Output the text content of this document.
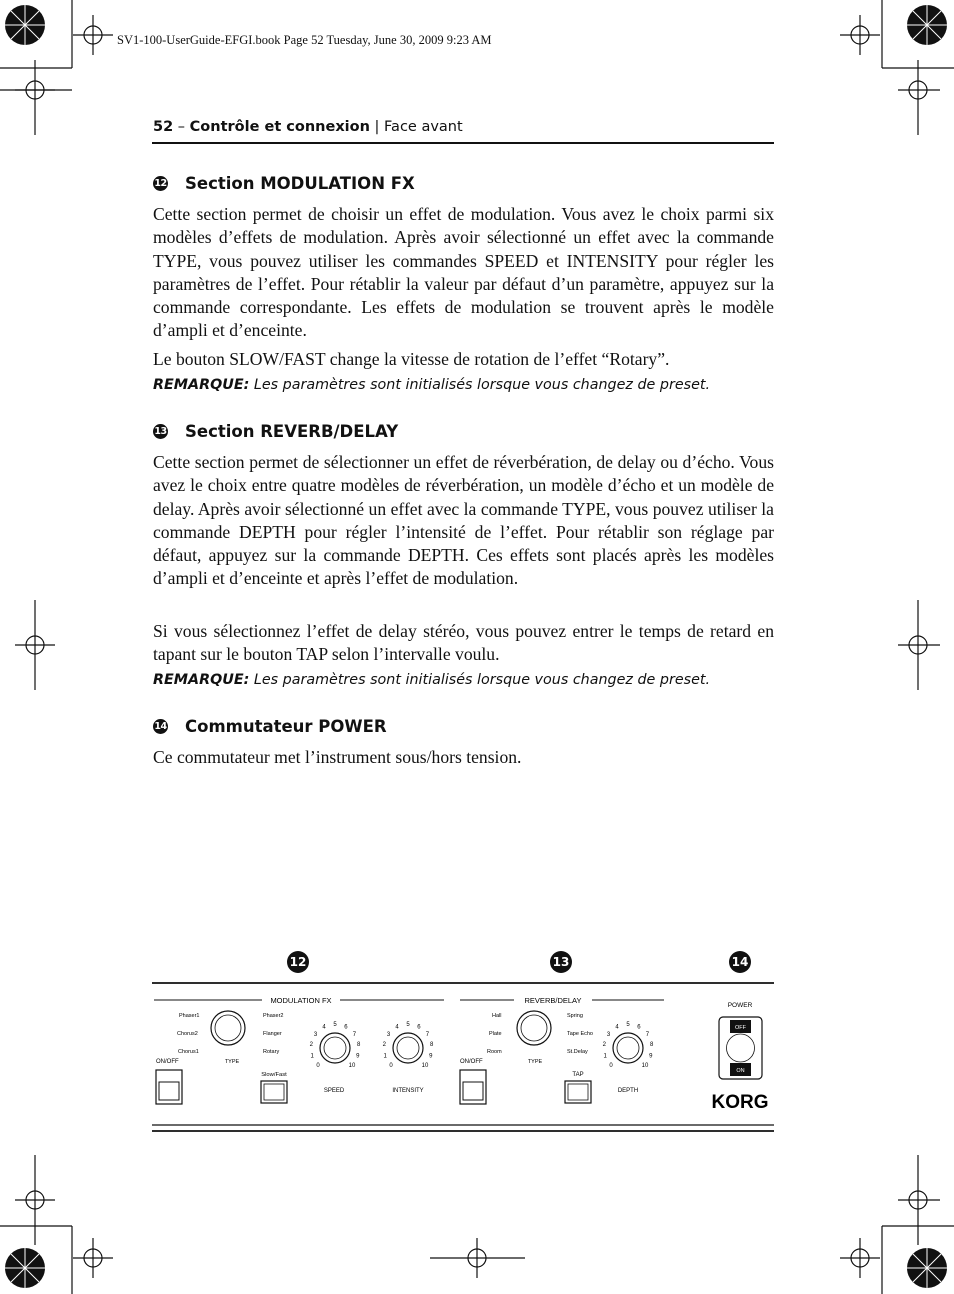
SV1-100-UserGuide-EFGI.book Page 52 Tuesday, June 30, 2009 9:23 AM
52 – Contrôle et connexion | Face avant
12 Section MODULATION FX
Cette section permet de choisir un effet de modulation. Vous avez le choix parmi six modèles d’effets de modulation. Après avoir sélectionné un effet avec la commande TYPE, vous pouvez utiliser les commandes SPEED et INTENSITY pour régler les paramètres de l’effet. Pour rétablir la valeur par défaut d’un paramètre, appuyez sur la commande correspondante. Les effets de modulation se trouvent après le modèle d’ampli et d’enceinte.
Le bouton SLOW/FAST change la vitesse de rotation de l’effet “Rotary”.
REMARQUE: Les paramètres sont initialisés lorsque vous changez de preset.
13 Section REVERB/DELAY
Cette section permet de sélectionner un effet de réverbération, de delay ou d’écho. Vous avez le choix entre quatre modèles de réverbération, un modèle d’écho et un modèle de delay. Après avoir sélectionné un effet avec la commande TYPE, vous pouvez utiliser la commande DEPTH pour régler l’intensité de l’effet. Pour rétablir son réglage par défaut, appuyez sur la commande DEPTH. Ces effets sont placés après les modèles d’ampli et d’enceinte et après l’effet de modulation.
Si vous sélectionnez l’effet de delay stéréo, vous pouvez entrer le temps de retard en tapant sur le bouton TAP selon l’intervalle voulu.
REMARQUE: Les paramètres sont initialisés lorsque vous changez de preset.
14 Commutateur POWER
Ce commutateur met l’instrument sous/hors tension.
12	13	14
MODULATION FX	REVERB/DELAY
Phaser1	Phaser2
Chorus2	Flanger
Chorus1	Rotary
TYPE
ON/OFF
Slow/Fast
SPEED	INTENSITY
Hall	Spring
Plate	Tape Echo
Room	St.Delay
TYPE
ON/OFF
TAP
DEPTH
POWER
OFF
ON
KORG
0
1
2
3
4 5 6
7
8
9
10	0
1
2
3
4 5 6
7
8
9
10	0
1
2
3
4 5 6
7
8
9
10
